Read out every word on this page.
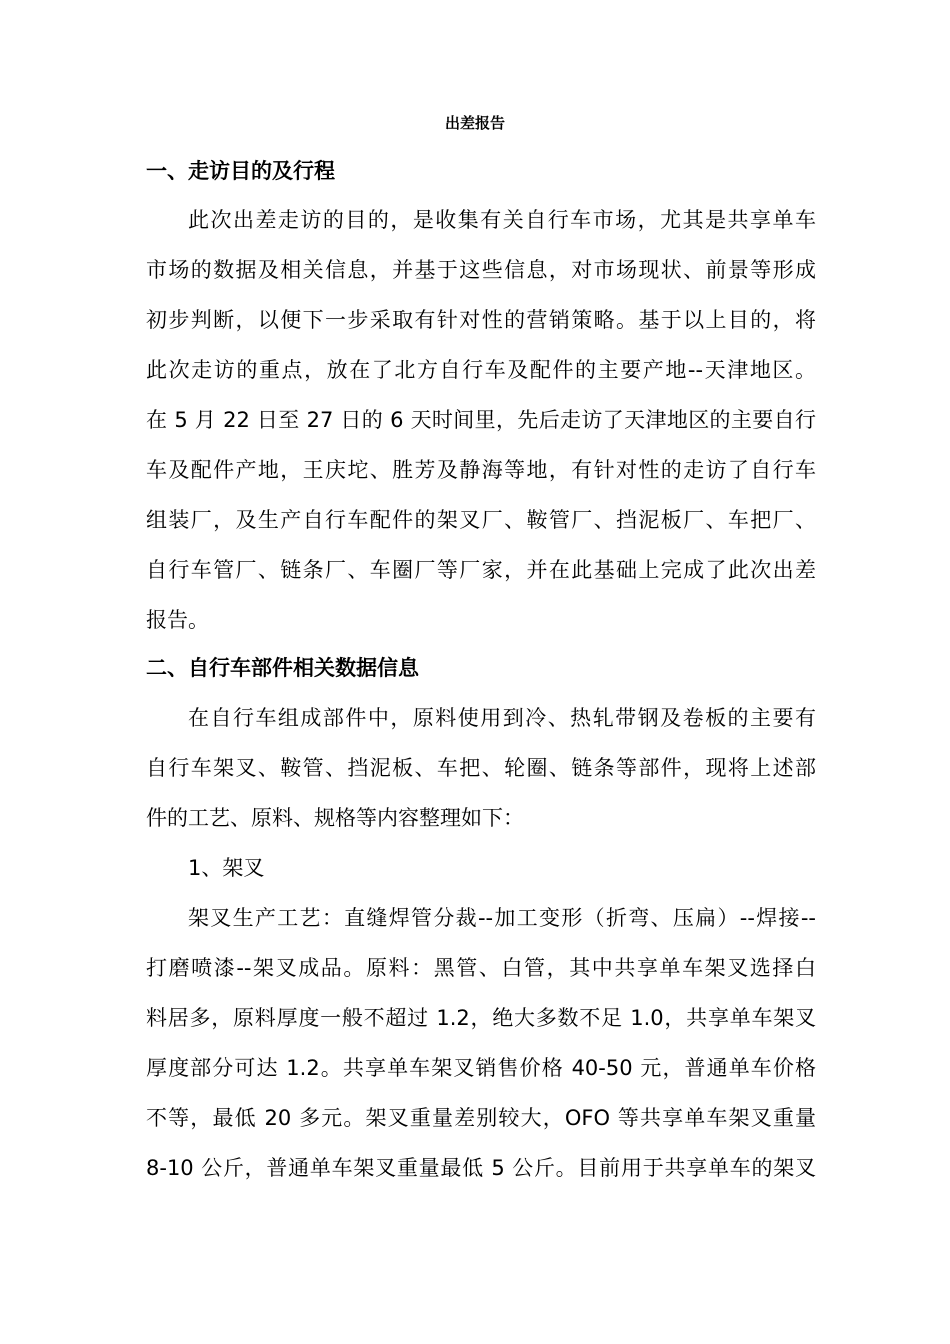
出差报告
一、走访目的及行程
此次出差走访的目的，是收集有关自行车市场，尤其是共享单车
市场的数据及相关信息，并基于这些信息，对市场现状、前景等形成
初步判断，以便下一步采取有针对性的营销策略。基于以上目的，将
此次走访的重点，放在了北方自行车及配件的主要产地--天津地区。
在 5 月 22 日至 27 日的 6 天时间里，先后走访了天津地区的主要自行
车及配件产地，王庆坨、胜芳及静海等地，有针对性的走访了自行车
组装厂，及生产自行车配件的架叉厂、鞍管厂、挡泥板厂、车把厂、
自行车管厂、链条厂、车圈厂等厂家，并在此基础上完成了此次出差
报告。
二、自行车部件相关数据信息
在自行车组成部件中，原料使用到冷、热轧带钢及卷板的主要有
自行车架叉、鞍管、挡泥板、车把、轮圈、链条等部件，现将上述部
件的工艺、原料、规格等内容整理如下：
1、架叉
架叉生产工艺：直缝焊管分裁--加工变形（折弯、压扁）--焊接--
打磨喷漆--架叉成品。原料：黑管、白管，其中共享单车架叉选择白
料居多，原料厚度一般不超过 1.2，绝大多数不足 1.0，共享单车架叉
厚度部分可达 1.2。共享单车架叉销售价格 40-50 元，普通单车价格
不等，最低 20 多元。架叉重量差别较大，OFO 等共享单车架叉重量
8-10 公斤，普通单车架叉重量最低 5 公斤。目前用于共享单车的架叉
